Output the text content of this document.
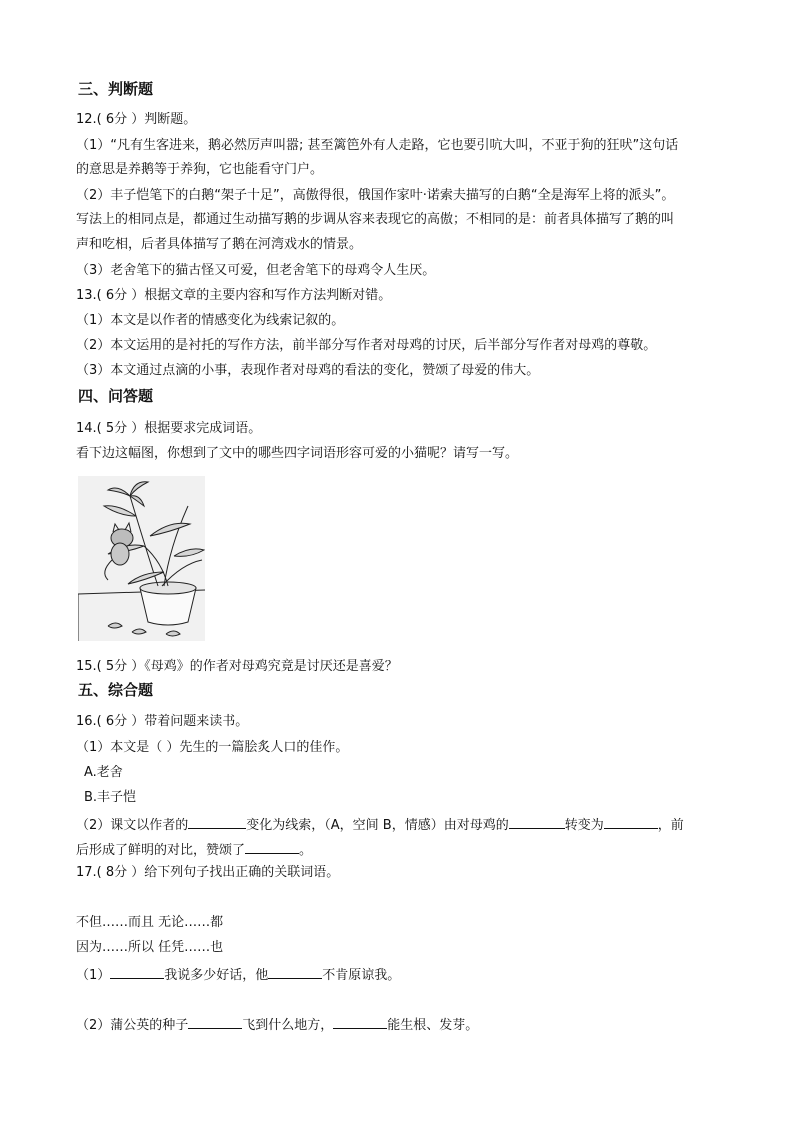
三、判断题
12.( 6分 ）判断题。
（1）“凡有生客进来，鹅必然厉声叫嚣; 甚至篱笆外有人走路，它也要引吭大叫，不亚于狗的狂吠”这句话
的意思是养鹅等于养狗，它也能看守门户。
（2）丰子恺笔下的白鹅“架子十足”，高傲得很，俄国作家叶·诺索夫描写的白鹅“全是海军上将的派头”。
写法上的相同点是，都通过生动描写鹅的步调从容来表现它的高傲；不相同的是：前者具体描写了鹅的叫
声和吃相，后者具体描写了鹅在河湾戏水的情景。
（3）老舍笔下的猫古怪又可爱，但老舍笔下的母鸡令人生厌。
13.( 6分 ）根据文章的主要内容和写作方法判断对错。
（1）本文是以作者的情感变化为线索记叙的。
（2）本文运用的是衬托的写作方法，前半部分写作者对母鸡的讨厌，后半部分写作者对母鸡的尊敬。
（3）本文通过点滴的小事，表现作者对母鸡的看法的变化，赞颂了母爱的伟大。
四、问答题
14.( 5分 ）根据要求完成词语。
看下边这幅图，你想到了文中的哪些四字词语形容可爱的小猫呢？请写一写。
15.( 5分 ）《母鸡》的作者对母鸡究竟是讨厌还是喜爱？
五、综合题
16.( 6分 ）带着问题来读书。
（1）本文是（ ）先生的一篇脍炙人口的佳作。
A.老舍
B.丰子恺
（2）课文以作者的	变化为线索，（A，空间 B，情感）由对母鸡的	转变为	，前
后形成了鲜明的对比，赞颂了	。
17.( 8分 ）给下列句子找出正确的关联词语。
不但……而且 无论……都
因为……所以 任凭……也
（1）	我说多少好话，他	不肯原谅我。
（2）蒲公英的种子	飞到什么地方，	能生根、发芽。
